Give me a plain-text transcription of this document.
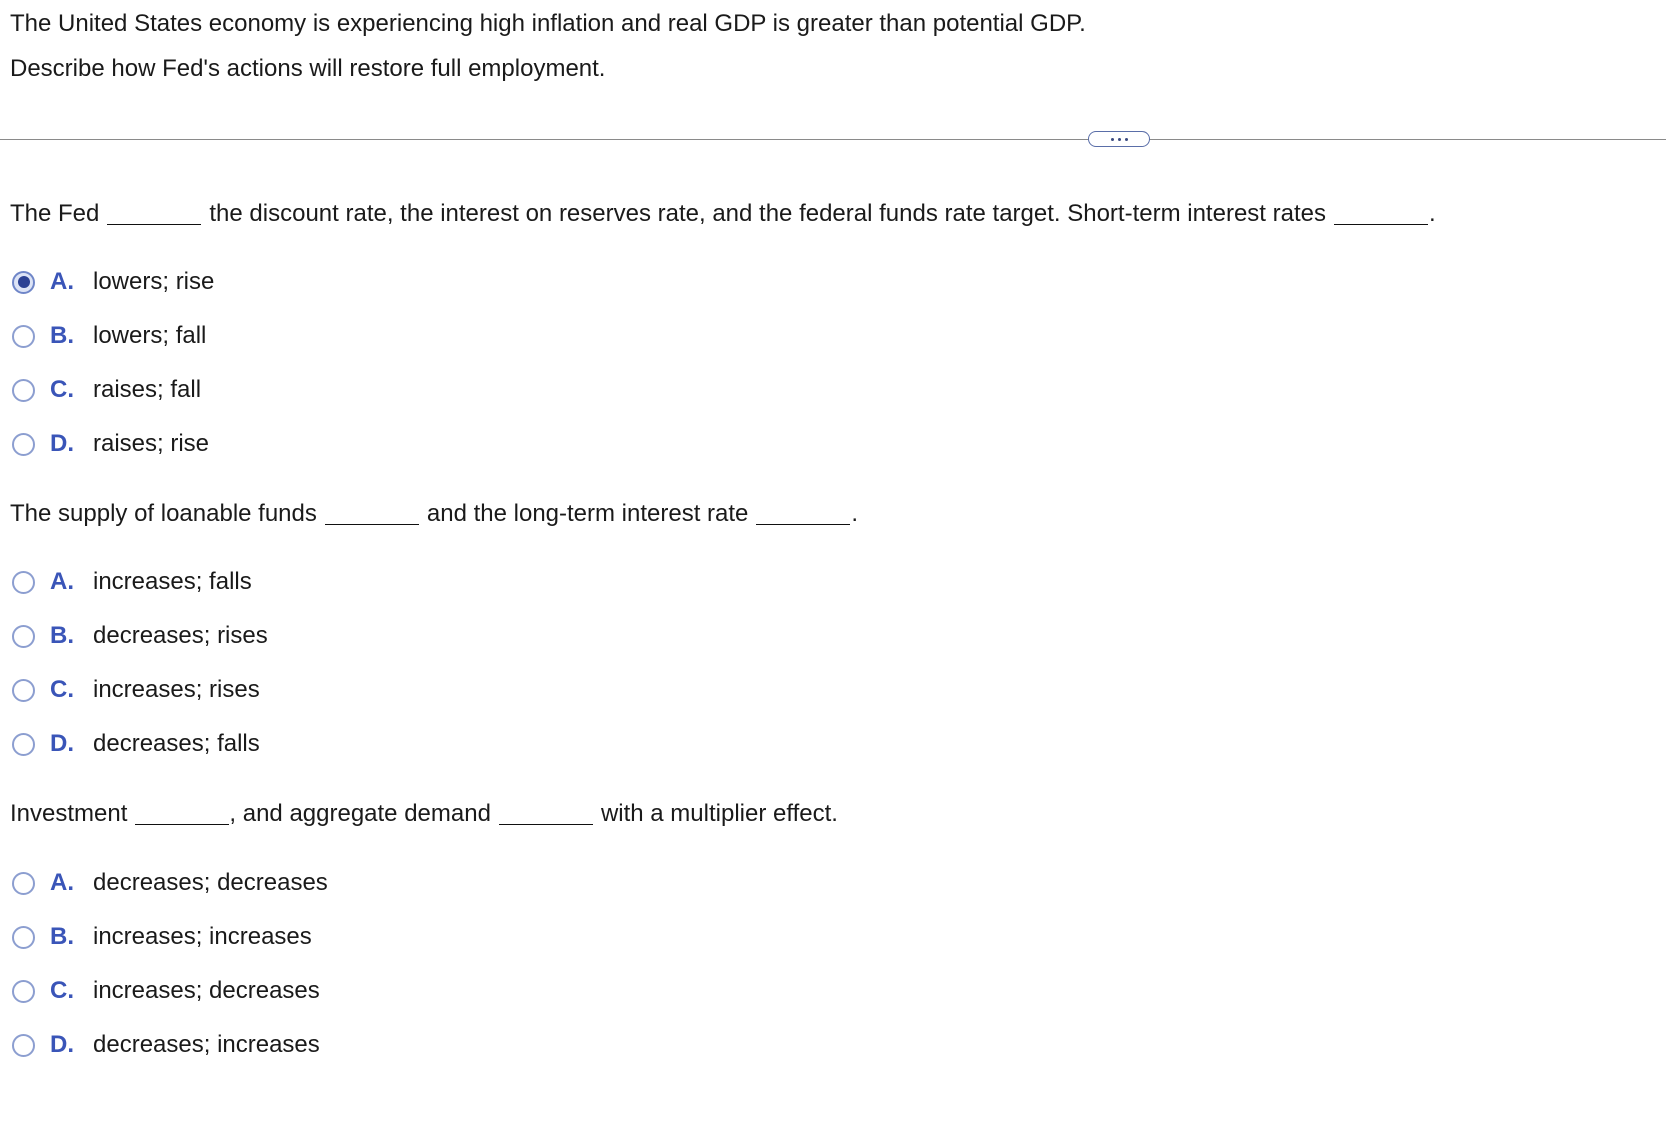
The United States economy is experiencing high inflation and real GDP is greater than potential GDP.
Describe how Fed's actions will restore full employment.
The Fed	the discount rate, the interest on reserves rate, and the federal funds rate target. Short-term interest rates	.
A. lowers; rise
B. lowers; fall
C. raises; fall
D. raises; rise
The supply of loanable funds	and the long-term interest rate	.
A. increases; falls
B. decreases; rises
C. increases; rises
D. decreases; falls
Investment	, and aggregate demand	with a multiplier effect.
A. decreases; decreases
B. increases; increases
C. increases; decreases
D. decreases; increases
